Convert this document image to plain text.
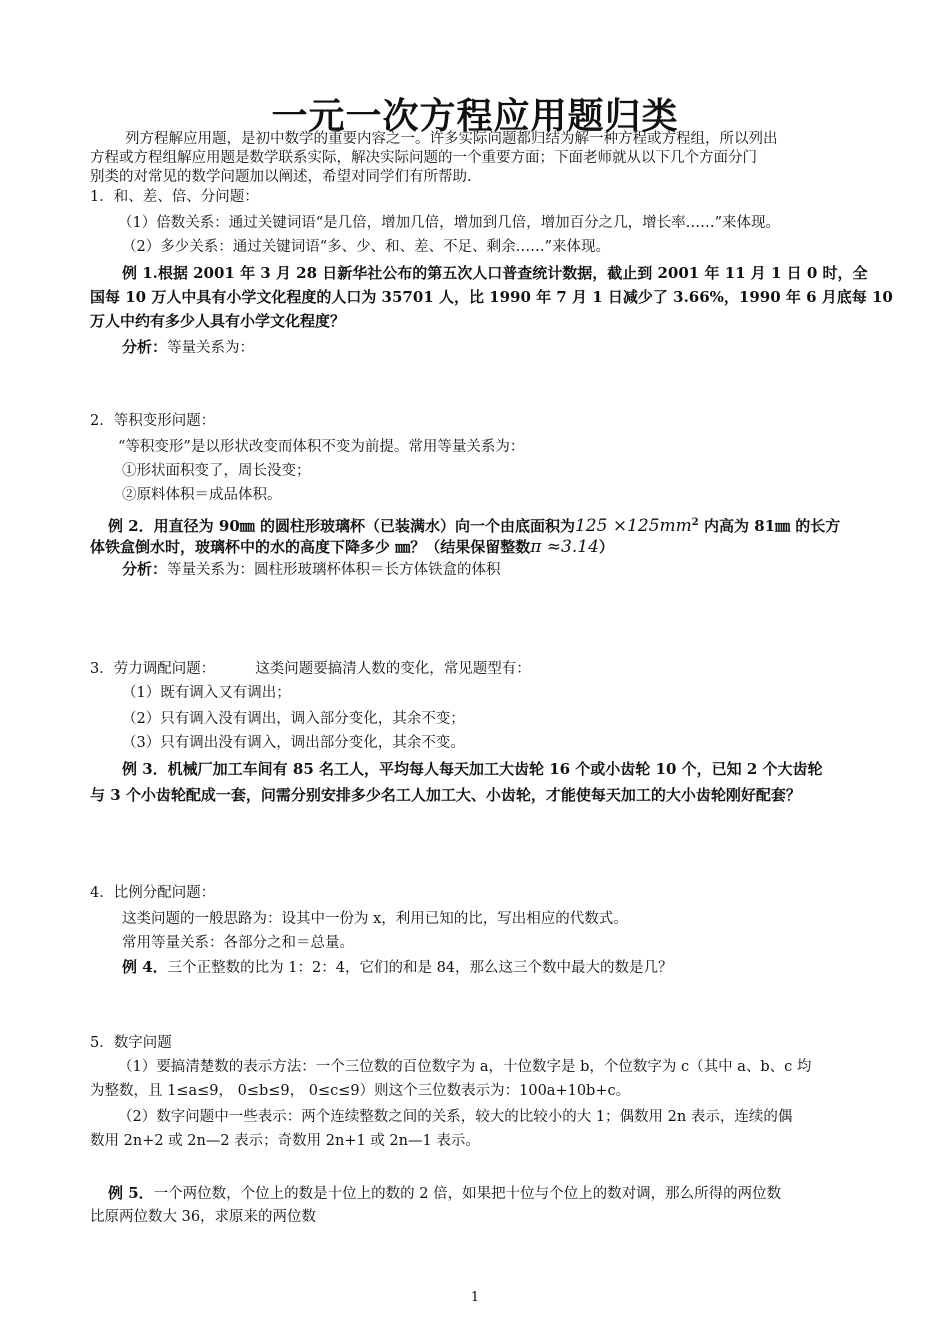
一元一次方程应用题归类
列方程解应用题，是初中数学的重要内容之一。许多实际问题都归结为解一种方程或方程组，所以列出
方程或方程组解应用题是数学联系实际，解决实际问题的一个重要方面；下面老师就从以下几个方面分门
别类的对常见的数学问题加以阐述，希望对同学们有所帮助.
1．和、差、倍、分问题：
（1）倍数关系：通过关键词语“是几倍，增加几倍，增加到几倍，增加百分之几，增长率……”来体现。
（2）多少关系：通过关键词语“多、少、和、差、不足、剩余……”来体现。
例 1.根据 2001 年 3 月 28 日新华社公布的第五次人口普查统计数据，截止到 2001 年 11 月 1 日 0 时，全
国每 10 万人中具有小学文化程度的人口为 35701 人，比 1990 年 7 月 1 日减少了 3.66%，1990 年 6 月底每 10
万人中约有多少人具有小学文化程度？
分析：等量关系为：
2．等积变形问题：
“等积变形”是以形状改变而体积不变为前提。常用等量关系为：
①形状面积变了，周长没变；
②原料体积＝成品体积。
例 2．用直径为 90㎜ 的圆柱形玻璃杯（已装满水）向一个由底面积为$125 \times 125mm^2$ 内高为 81㎜ 的长方
体铁盒倒水时，玻璃杯中的水的高度下降多少 ㎜？（结果保留整数π ≈3.14）
分析：等量关系为：圆柱形玻璃杯体积＝长方体铁盒的体积
3．劳力调配问题：	这类问题要搞清人数的变化，常见题型有：
（1）既有调入又有调出；
（2）只有调入没有调出，调入部分变化，其余不变；
（3）只有调出没有调入，调出部分变化，其余不变。
例 3．机械厂加工车间有 85 名工人，平均每人每天加工大齿轮 16 个或小齿轮 10 个，已知 2 个大齿轮
与 3 个小齿轮配成一套，问需分别安排多少名工人加工大、小齿轮，才能使每天加工的大小齿轮刚好配套？
4．比例分配问题：
这类问题的一般思路为：设其中一份为 x，利用已知的比，写出相应的代数式。
常用等量关系：各部分之和＝总量。
例 4．三个正整数的比为 1：2：4，它们的和是 84，那么这三个数中最大的数是几？
5．数字问题
（1）要搞清楚数的表示方法：一个三位数的百位数字为 a，十位数字是 b，个位数字为 c（其中 a、b、c 均
为整数，且 1≤a≤9， 0≤b≤9， 0≤c≤9）则这个三位数表示为：100a+10b+c。
（2）数字问题中一些表示：两个连续整数之间的关系，较大的比较小的大 1；偶数用 2n 表示，连续的偶
数用 2n+2 或 2n—2 表示；奇数用 2n+1 或 2n—1 表示。
例 5．一个两位数，个位上的数是十位上的数的 2 倍，如果把十位与个位上的数对调，那么所得的两位数
比原两位数大 36，求原来的两位数
1
